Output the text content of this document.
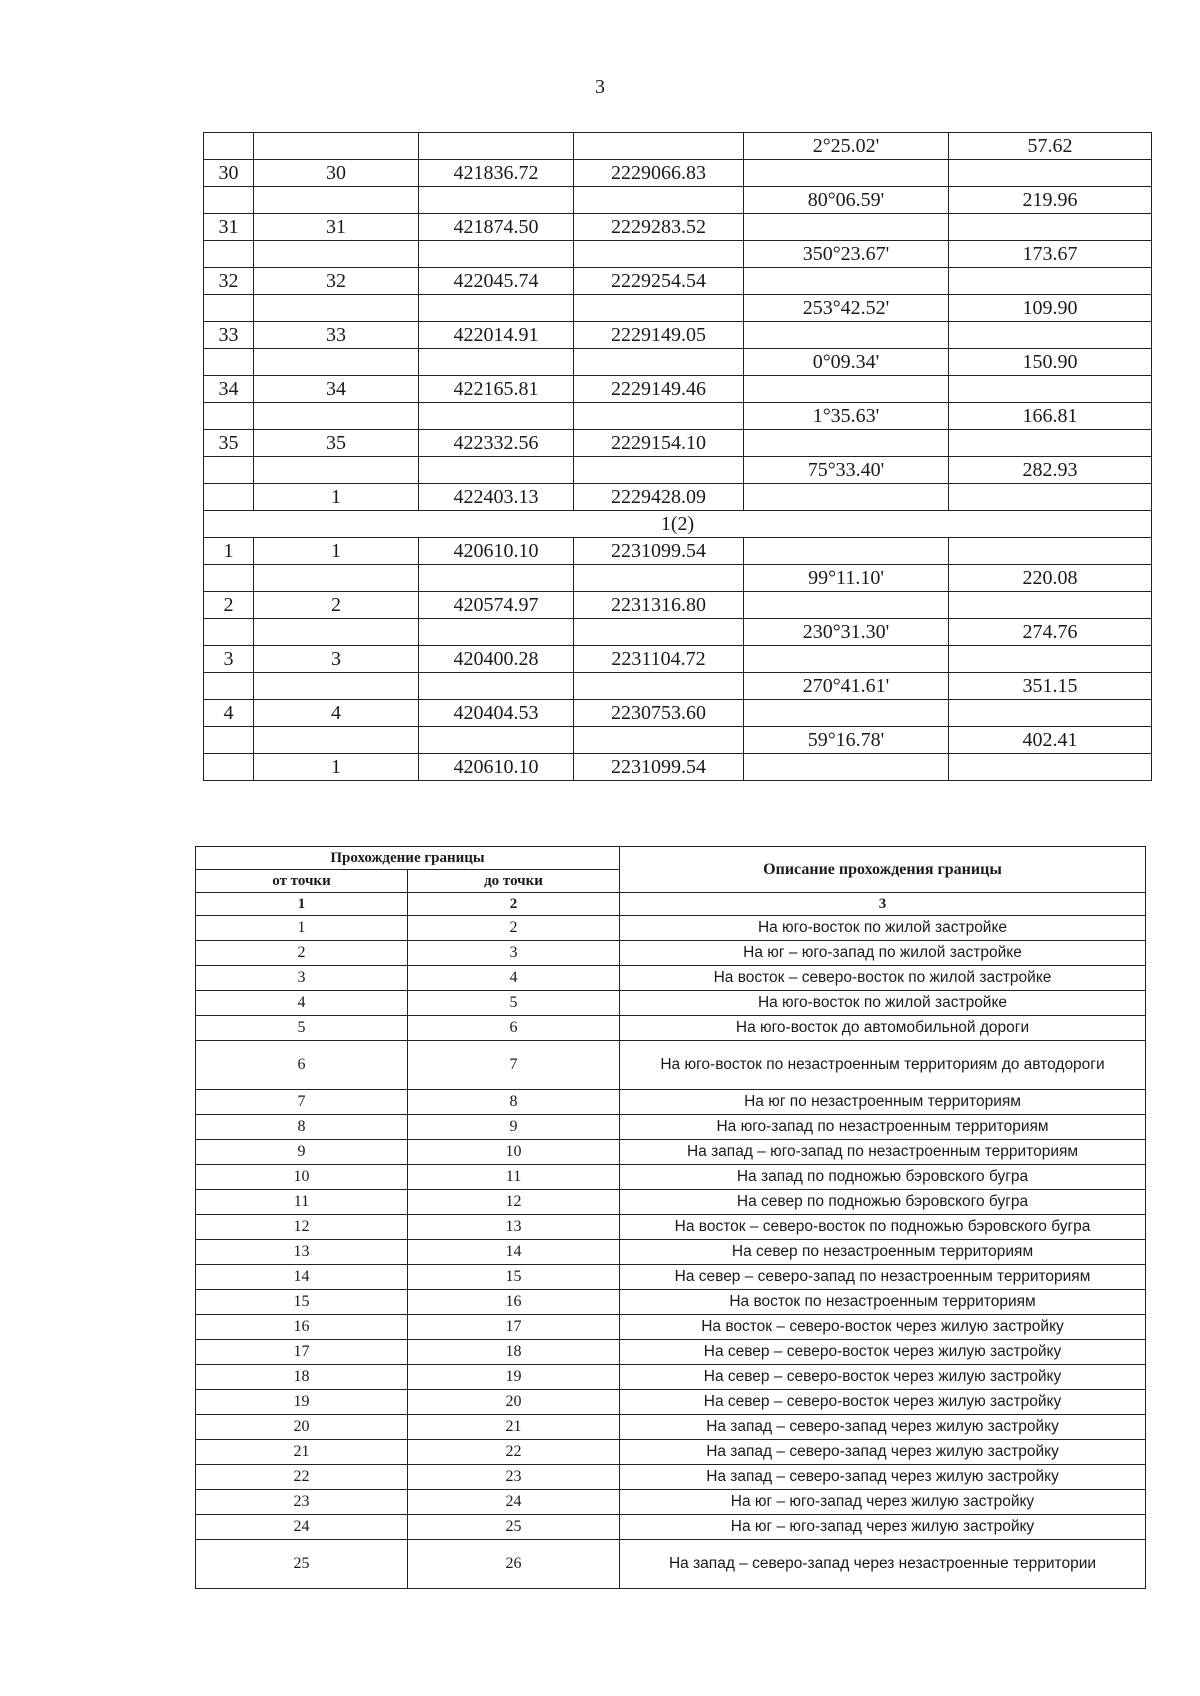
3
				2°25.02'	57.62
30	30	421836.72	2229066.83		
				80°06.59'	219.96
31	31	421874.50	2229283.52		
				350°23.67'	173.67
32	32	422045.74	2229254.54		
				253°42.52'	109.90
33	33	422014.91	2229149.05		
				0°09.34'	150.90
34	34	422165.81	2229149.46		
				1°35.63'	166.81
35	35	422332.56	2229154.10		
				75°33.40'	282.93
	1	422403.13	2229428.09		
1(2)					
1	1	420610.10	2231099.54		
				99°11.10'	220.08
2	2	420574.97	2231316.80		
				230°31.30'	274.76
3	3	420400.28	2231104.72		
				270°41.61'	351.15
4	4	420404.53	2230753.60		
				59°16.78'	402.41
	1	420610.10	2231099.54		
Прохождение границы		Описание прохождения границы
от точки	до точки	
1	2	3
1	2	На юго-восток по жилой застройке
2	3	На юг – юго-запад по жилой застройке
3	4	На восток – северо-восток по жилой застройке
4	5	На юго-восток по жилой застройке
5	6	На юго-восток до автомобильной дороги
6	7	На юго-восток по незастроенным территориям до автодороги
7	8	На юг по незастроенным территориям
8	9	На юго-запад по незастроенным территориям
9	10	На запад – юго-запад по незастроенным территориям
10	11	На запад по подножью бэровского бугра
11	12	На север по подножью бэровского бугра
12	13	На восток – северо-восток по подножью бэровского бугра
13	14	На север по незастроенным территориям
14	15	На север – северо-запад по незастроенным территориям
15	16	На восток по незастроенным территориям
16	17	На восток – северо-восток через жилую застройку
17	18	На север – северо-восток через жилую застройку
18	19	На север – северо-восток через жилую застройку
19	20	На север – северо-восток через жилую застройку
20	21	На запад – северо-запад через жилую застройку
21	22	На запад – северо-запад через жилую застройку
22	23	На запад – северо-запад через жилую застройку
23	24	На юг – юго-запад через жилую застройку
24	25	На юг – юго-запад через жилую застройку
25	26	На запад – северо-запад через незастроенные территории
